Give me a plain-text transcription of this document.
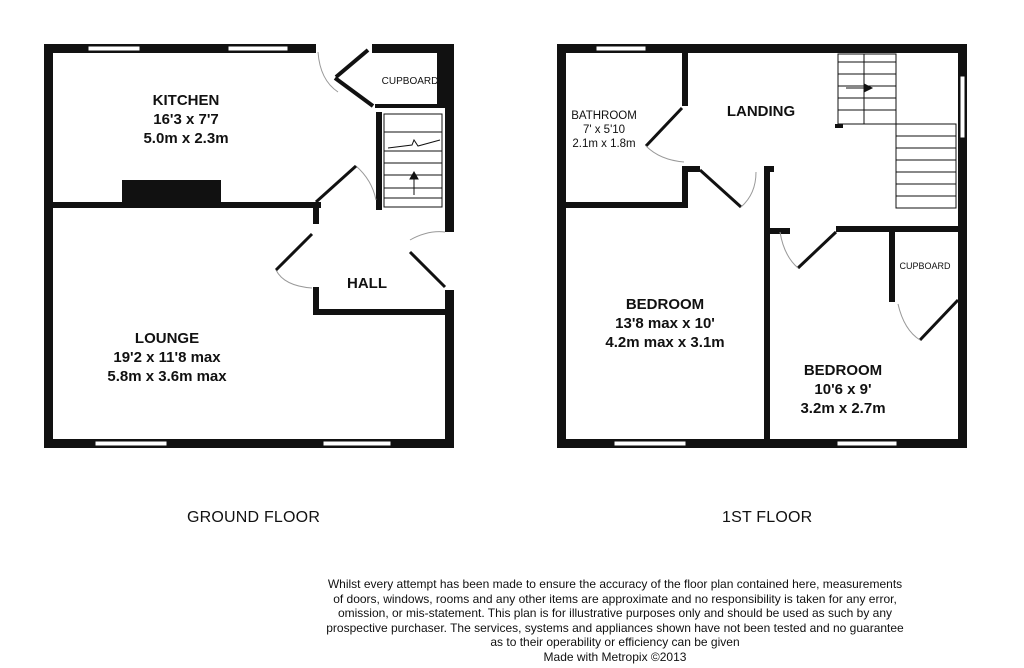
KITCHEN
16'3 x 7'7
5.0m x 2.3m
CUPBOARD
HALL
LOUNGE
19'2 x 11'8 max
5.8m x 3.6m max
BATHROOM
7' x 5'10
2.1m x 1.8m
LANDING
BEDROOM
13'8 max x 10'
4.2m max x 3.1m
CUPBOARD
BEDROOM
10'6 x 9'
3.2m x 2.7m
GROUND FLOOR	1ST FLOOR
Whilst every attempt has been made to ensure the accuracy of the floor plan contained here, measurements
of doors, windows, rooms and any other items are approximate and no responsibility is taken for any error,
omission, or mis-statement. This plan is for illustrative purposes only and should be used as such by any
prospective purchaser. The services, systems and appliances shown have not been tested and no guarantee
as to their operability or efficiency can be given
Made with Metropix ©2013
